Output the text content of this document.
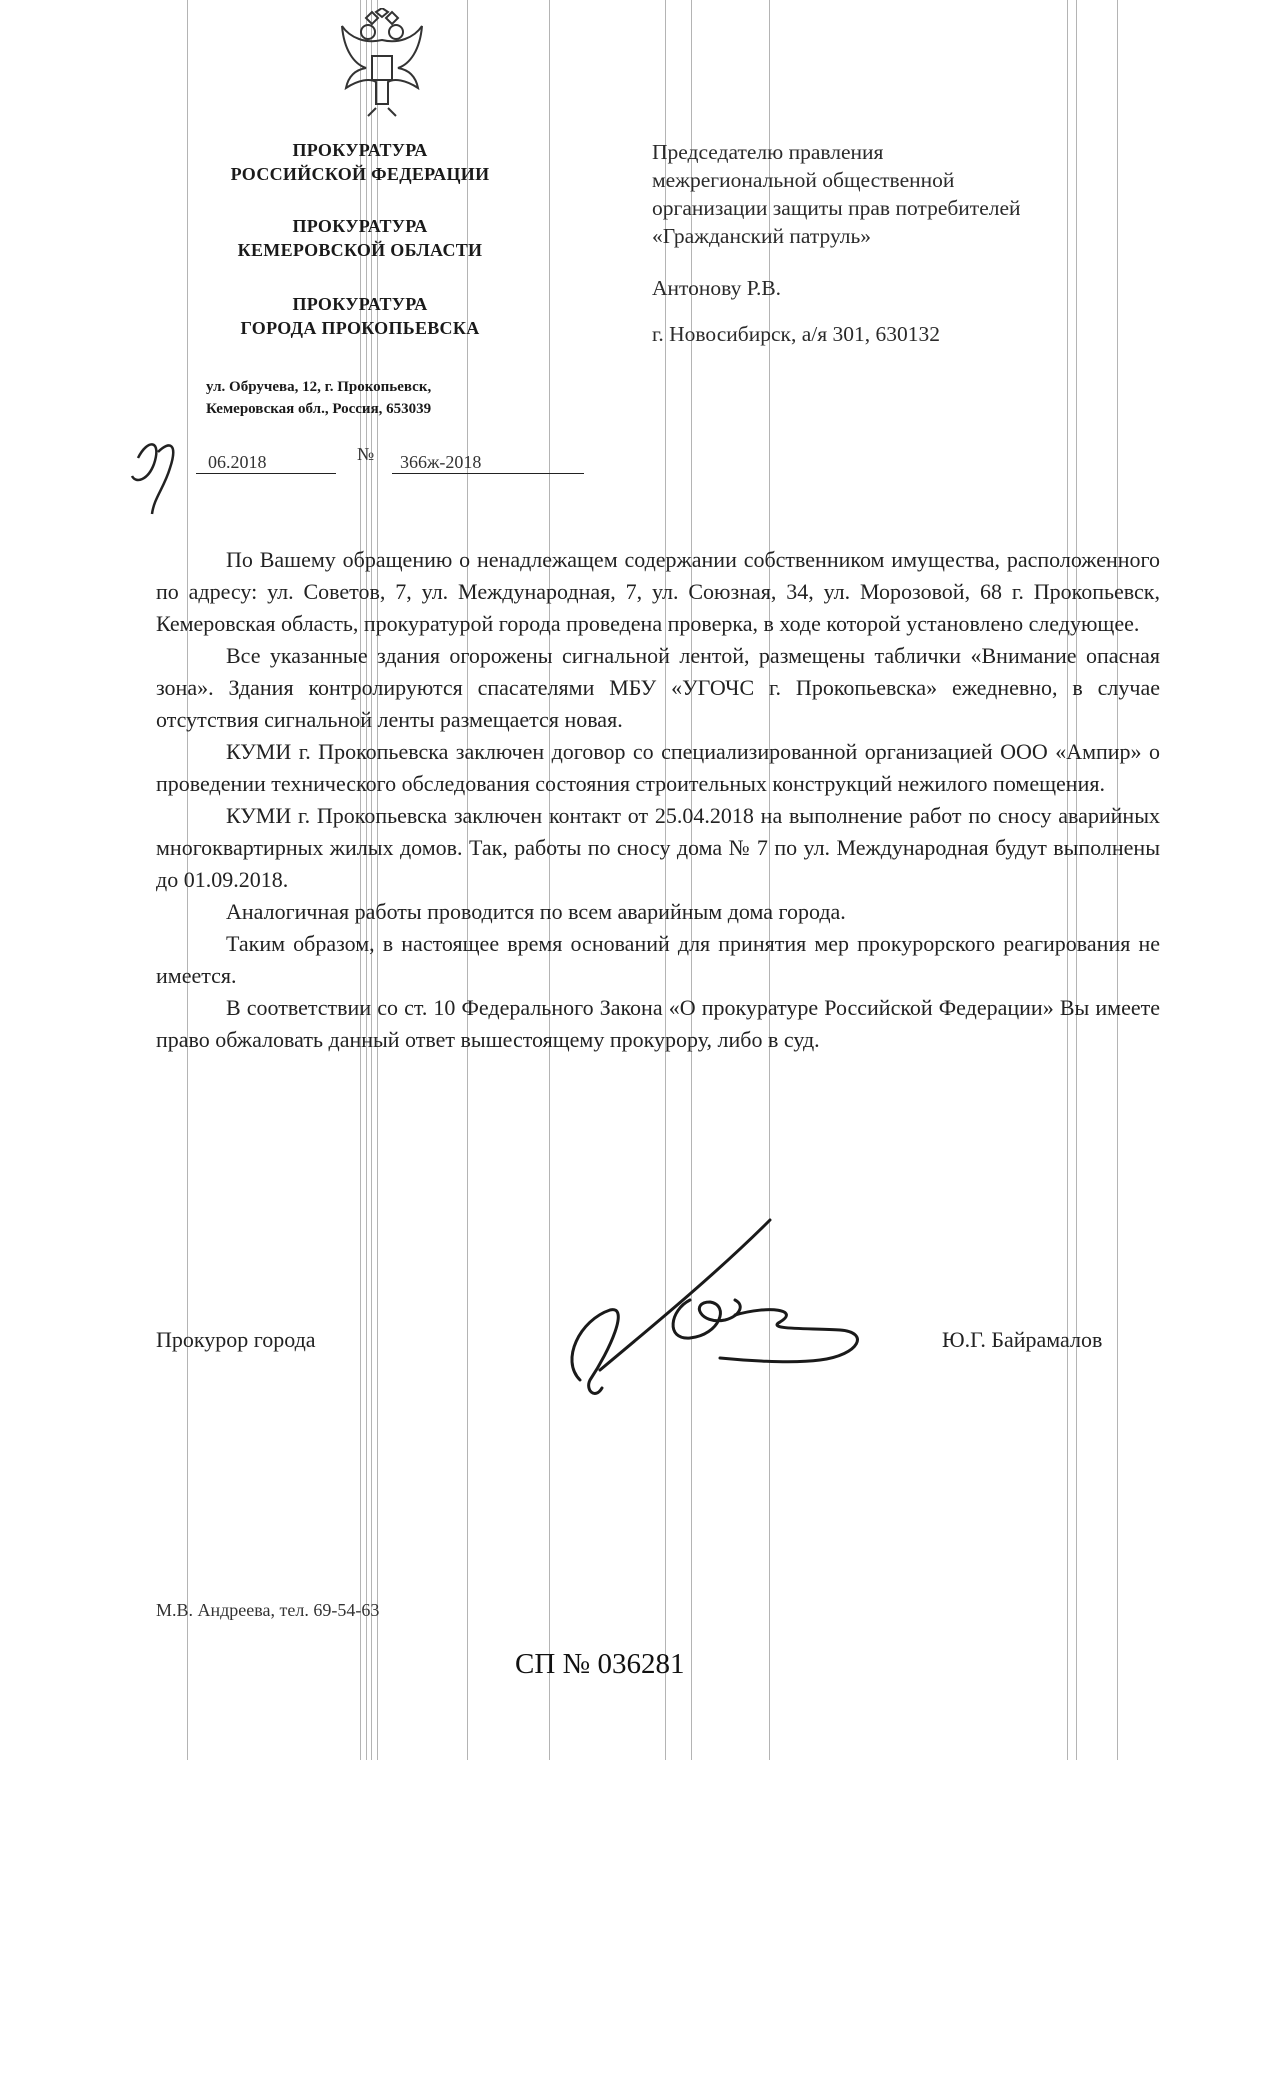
ПРОКУРАТУРА
РОССИЙСКОЙ ФЕДЕРАЦИИ
ПРОКУРАТУРА
КЕМЕРОВСКОЙ ОБЛАСТИ
ПРОКУРАТУРА
ГОРОДА ПРОКОПЬЕВСКА
ул. Обручева, 12, г. Прокопьевск,
Кемеровская обл., Россия, 653039
06.2018	№ 366ж-2018
Председателю правления
межрегиональной общественной
организации защиты прав потребителей
«Гражданский патруль»
Антонову Р.В.
г. Новосибирск, а/я 301, 630132

По Вашему обращению о ненадлежащем содержании собственником имущества, расположенного по адресу: ул. Советов, 7, ул. Международная, 7, ул. Союзная, 34, ул. Морозовой, 68 г. Прокопьевск, Кемеровская область, прокуратурой города проведена проверка, в ходе которой установлено следующее.

Все указанные здания огорожены сигнальной лентой, размещены таблички «Внимание опасная зона». Здания контролируются спасателями МБУ «УГОЧС г. Прокопьевска» ежедневно, в случае отсутствия сигнальной ленты размещается новая.

КУМИ г. Прокопьевска заключен договор со специализированной организацией ООО «Ампир» о проведении технического обследования состояния строительных конструкций нежилого помещения.

КУМИ г. Прокопьевска заключен контакт от 25.04.2018 на выполнение работ по сносу аварийных многоквартирных жилых домов. Так, работы по сносу дома № 7 по ул. Международная будут выполнены до 01.09.2018.

Аналогичная работы проводится по всем аварийным дома города.

Таким образом, в настоящее время оснований для принятия мер прокурорского реагирования не имеется.

В соответствии со ст. 10 Федерального Закона «О прокуратуре Российской Федерации» Вы имеете право обжаловать данный ответ вышестоящему прокурору, либо в суд.

Прокурор города	Ю.Г. Байрамалов
М.В. Андреева, тел. 69-54-63
СП № 036281
